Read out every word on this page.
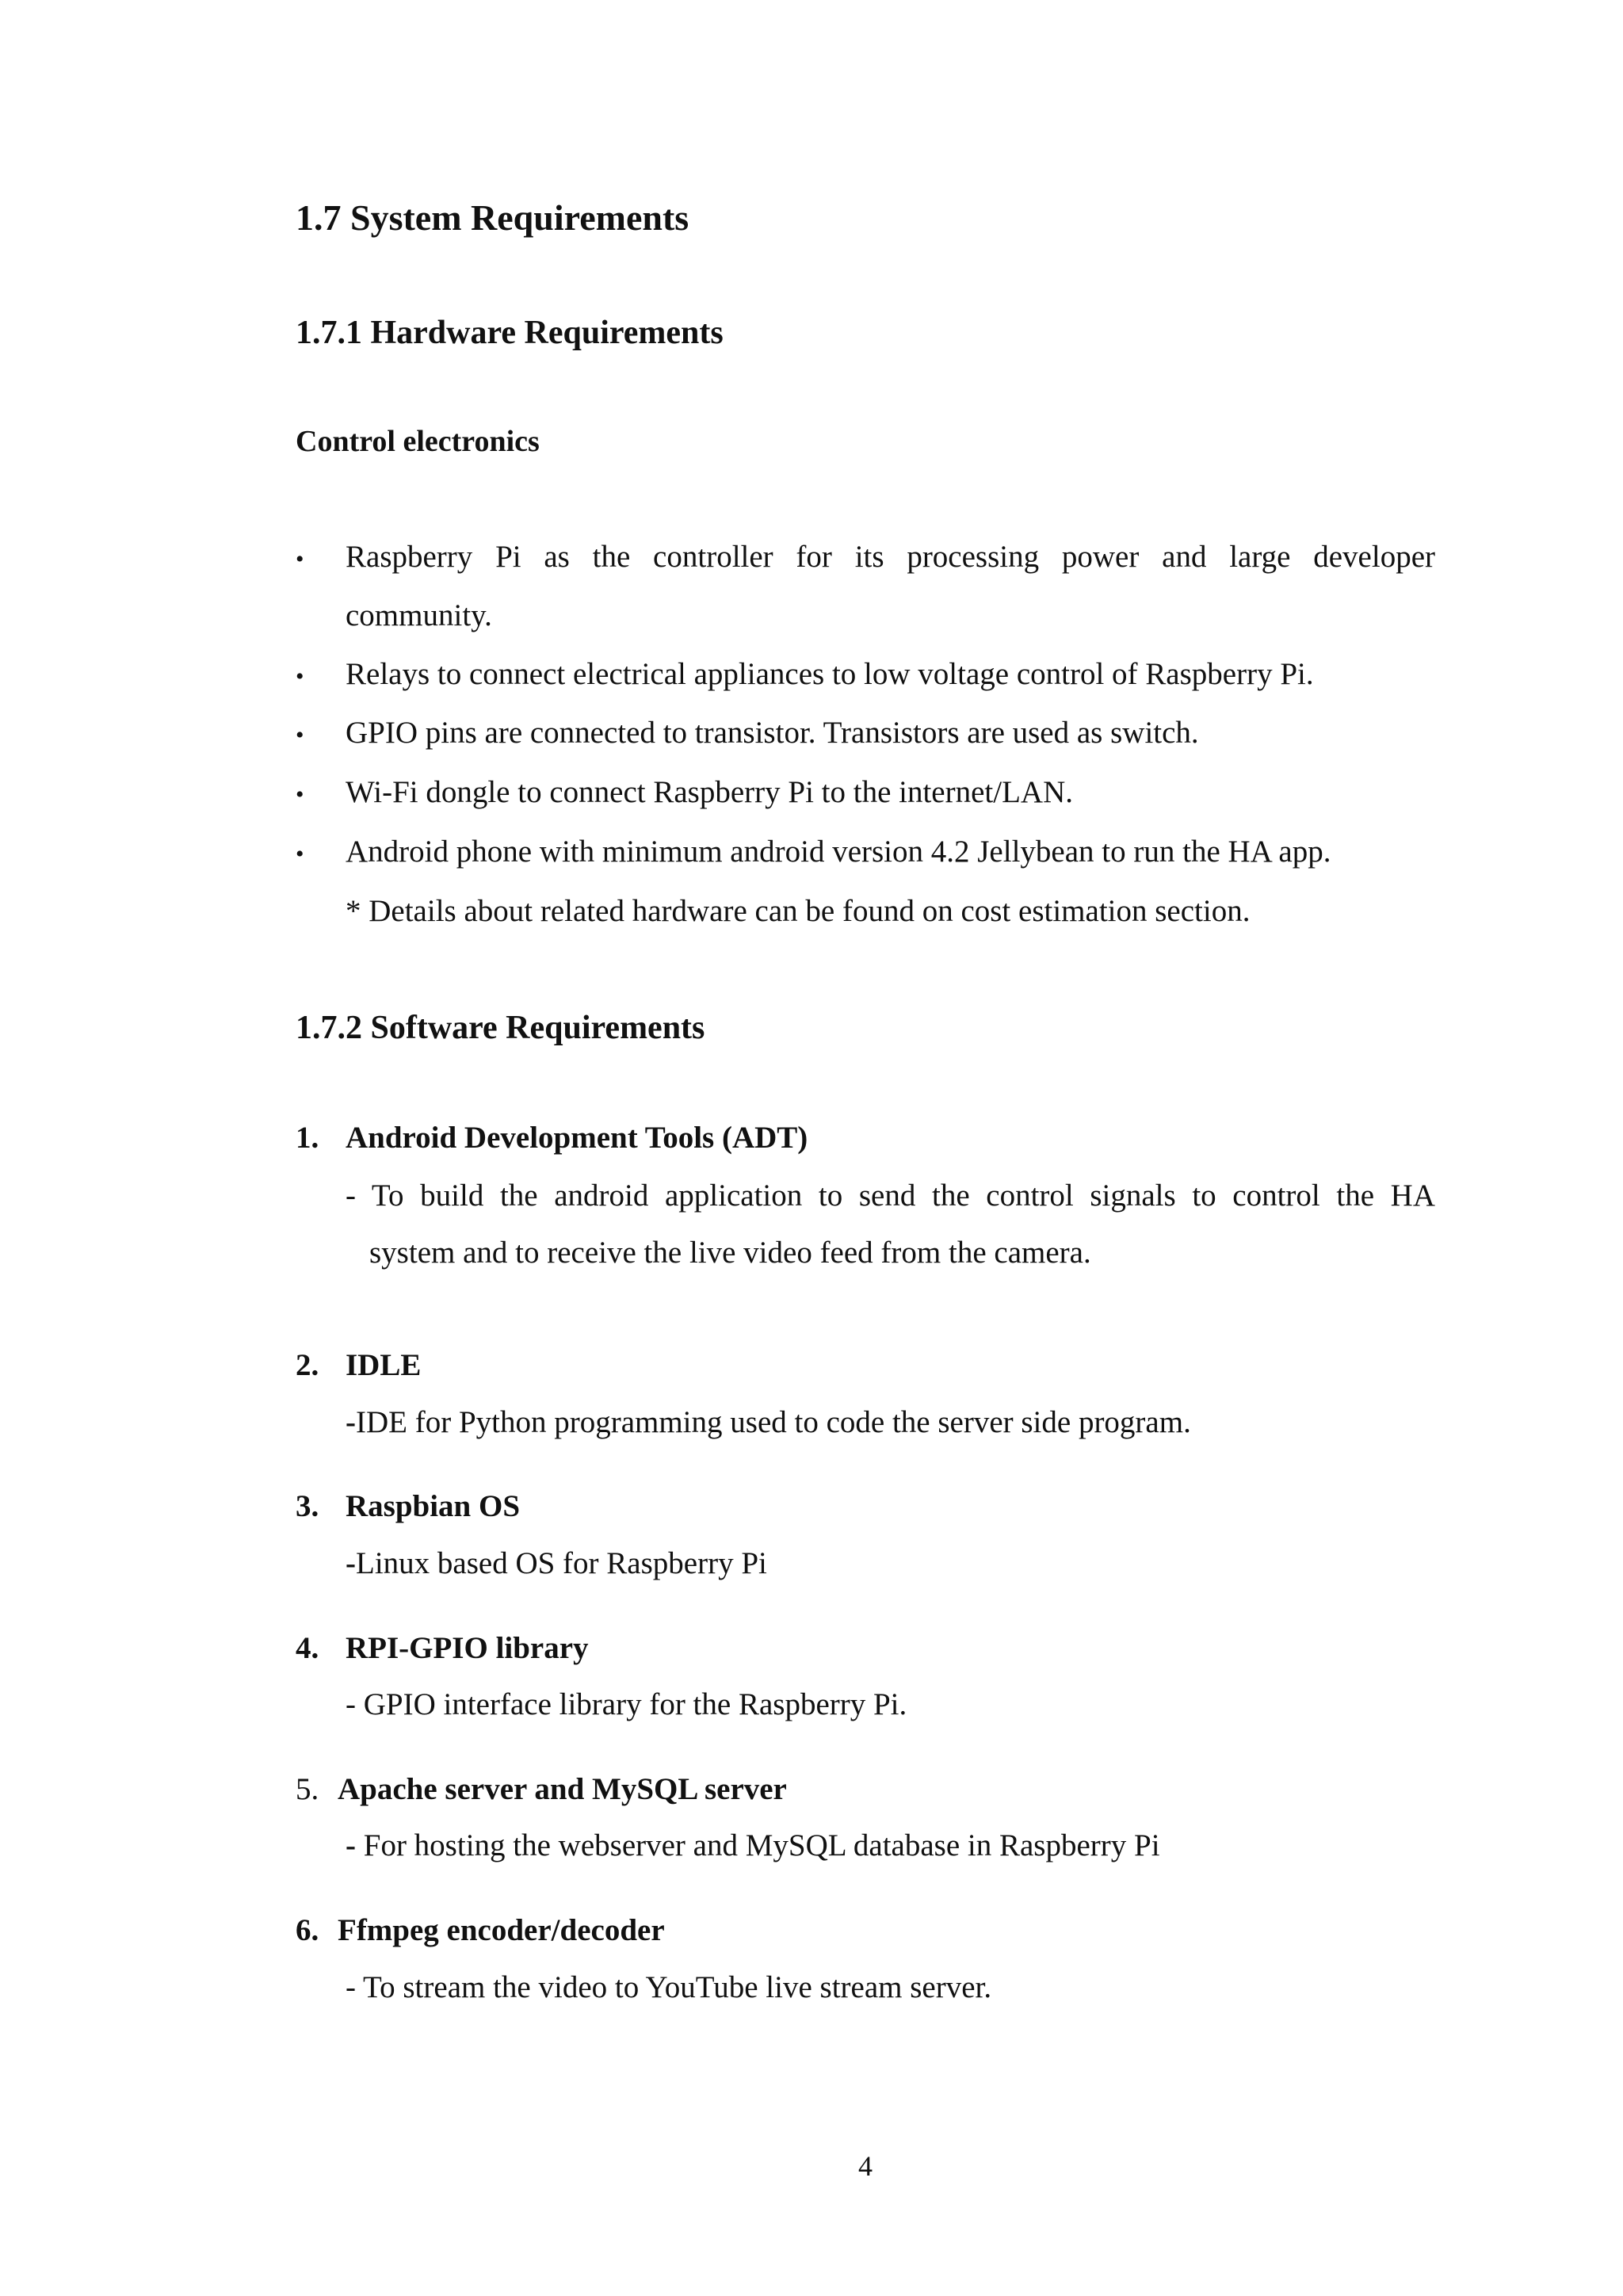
1.7 System Requirements
1.7.1 Hardware Requirements
Control electronics
• Raspberry Pi as the controller for its processing power and large developer
community.
• Relays to connect electrical appliances to low voltage control of Raspberry Pi.
• GPIO pins are connected to transistor. Transistors are used as switch.
• Wi-Fi dongle to connect Raspberry Pi to the internet/LAN.
• Android phone with minimum android version 4.2 Jellybean to run the HA app.
* Details about related hardware can be found on cost estimation section.
1.7.2 Software Requirements
1. Android Development Tools (ADT)
- To build the android application to send the control signals to control the HA
system and to receive the live video feed from the camera.
2. IDLE
-IDE for Python programming used to code the server side program.
3. Raspbian OS
-Linux based OS for Raspberry Pi
4. RPI-GPIO library
- GPIO interface library for the Raspberry Pi.
5. Apache server and MySQL server
- For hosting the webserver and MySQL database in Raspberry Pi
6. Ffmpeg encoder/decoder
- To stream the video to YouTube live stream server.
4
